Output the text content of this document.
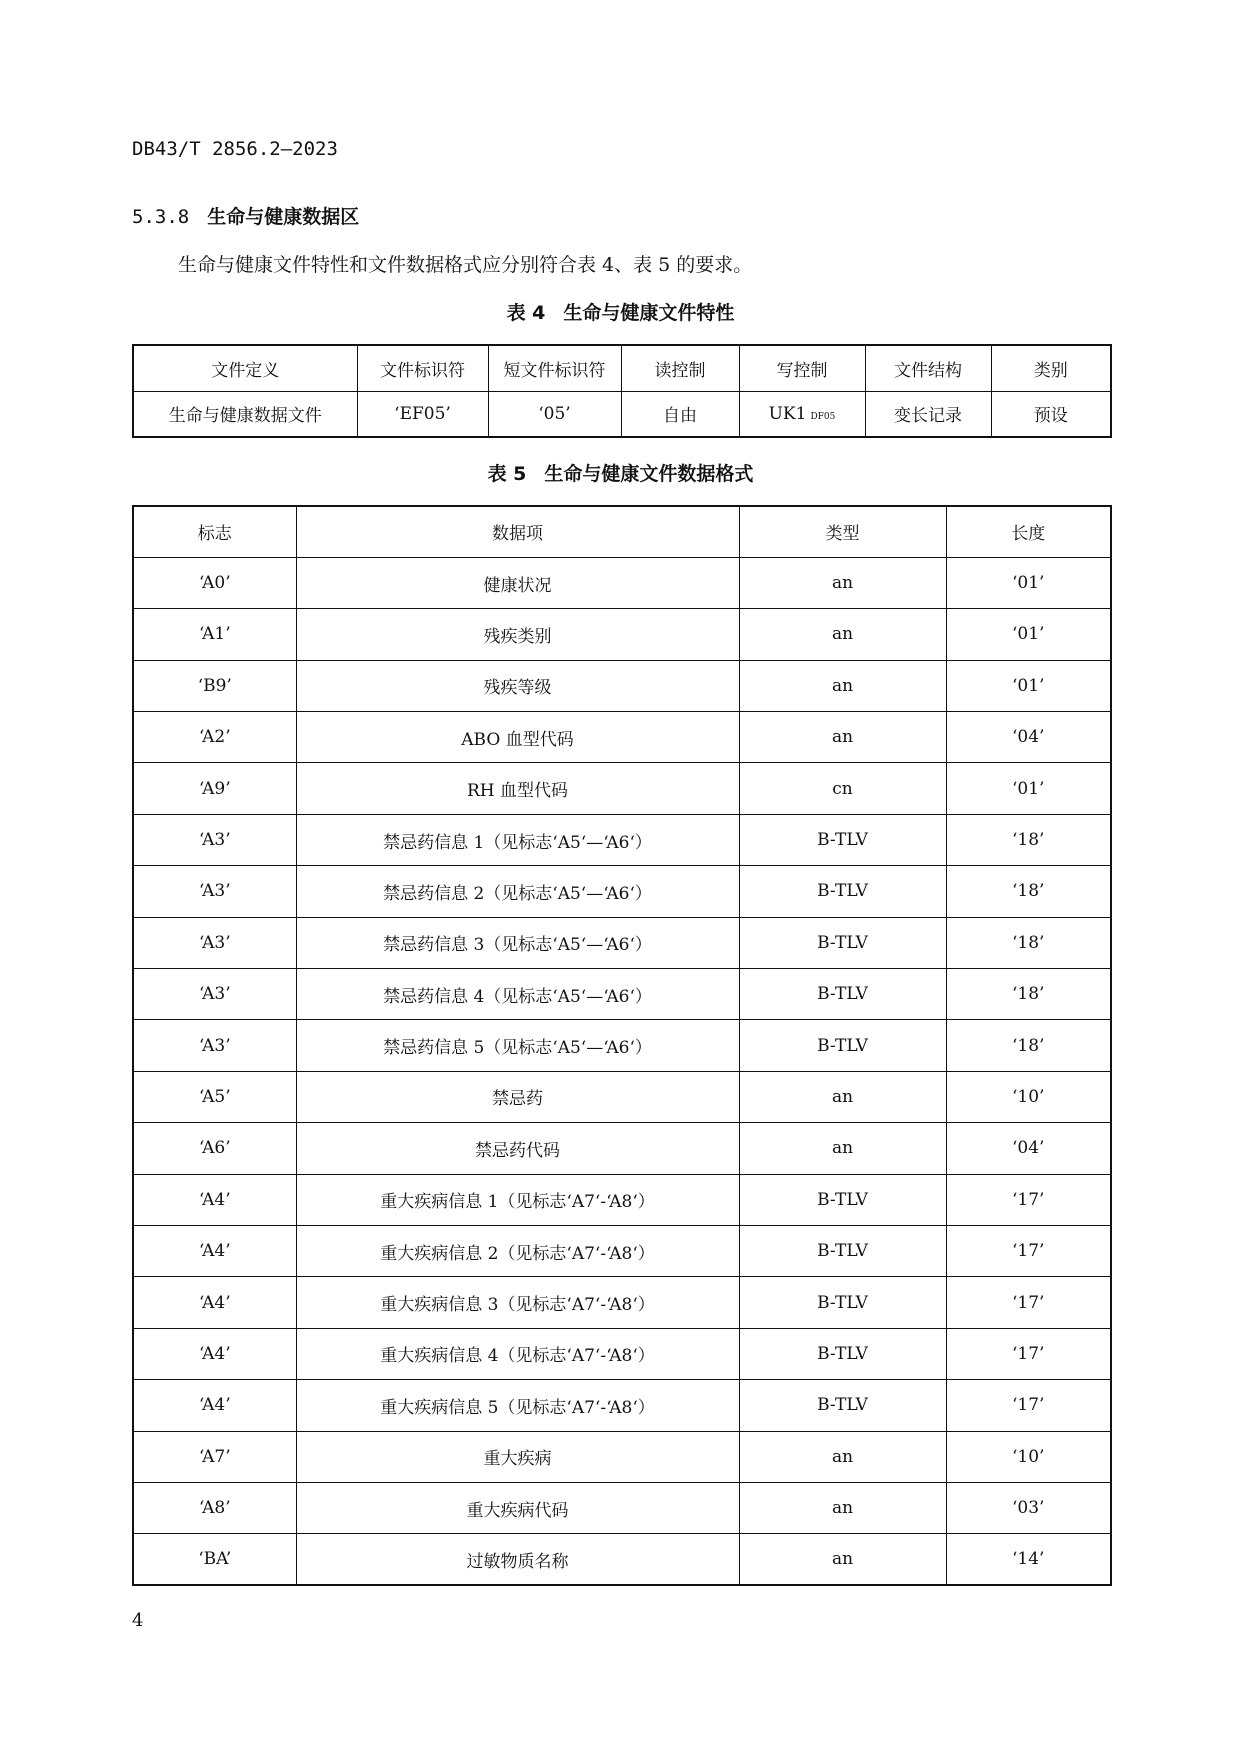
DB43/T 2856.2—2023
5.3.8 生命与健康数据区
生命与健康文件特性和文件数据格式应分别符合表 4、表 5 的要求。
表 4 生命与健康文件特性
文件定义	文件标识符	短文件标识符	读控制	写控制	文件结构	类别
生命与健康数据文件	‘EF05’	‘05’	自由	UK1 DF05	变长记录	预设
表 5 生命与健康文件数据格式
标志	数据项	类型	长度
‘A0’	健康状况	an	‘01’
‘A1’	残疾类别	an	‘01’
‘B9’	残疾等级	an	‘01’
‘A2’	ABO 血型代码	an	‘04’
‘A9’	RH 血型代码	cn	‘01’
‘A3’	禁忌药信息 1（见标志‘A5‘—‘A6‘）	B-TLV	‘18’
‘A3’	禁忌药信息 2（见标志‘A5‘—‘A6‘）	B-TLV	‘18’
‘A3’	禁忌药信息 3（见标志‘A5‘—‘A6‘）	B-TLV	‘18’
‘A3’	禁忌药信息 4（见标志‘A5‘—‘A6‘）	B-TLV	‘18’
‘A3’	禁忌药信息 5（见标志‘A5‘—‘A6‘）	B-TLV	‘18’
‘A5’	禁忌药	an	‘10’
‘A6’	禁忌药代码	an	‘04’
‘A4’	重大疾病信息 1（见标志‘A7‘-‘A8‘）	B-TLV	‘17’
‘A4’	重大疾病信息 2（见标志‘A7‘-‘A8‘）	B-TLV	‘17’
‘A4’	重大疾病信息 3（见标志‘A7‘-‘A8‘）	B-TLV	‘17’
‘A4’	重大疾病信息 4（见标志‘A7‘-‘A8‘）	B-TLV	‘17’
‘A4’	重大疾病信息 5（见标志‘A7‘-‘A8‘）	B-TLV	‘17’
‘A7’	重大疾病	an	‘10’
‘A8’	重大疾病代码	an	‘03’
‘BA’	过敏物质名称	an	‘14’
4
